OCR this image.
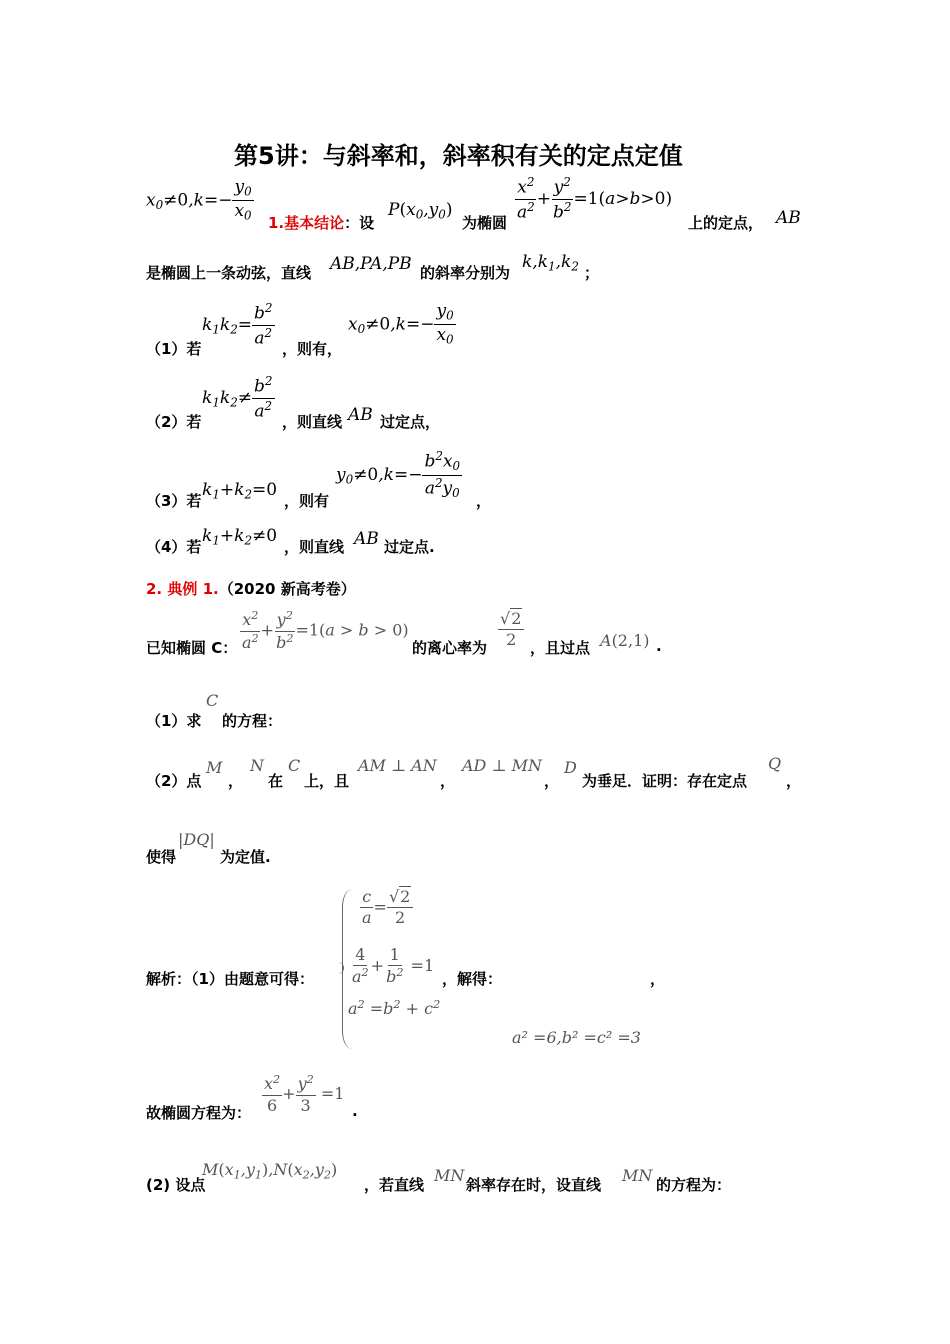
第5讲：与斜率和，斜率积有关的定点定值
$x_0\ne 0,k=- \frac{y_0}{x_0} 1$.基本结论：设
$P(x_0,y_0)$
为椭圆 $\frac{x^2}{a^2} + \frac{y^2}{b^2} =1(a>b>0)$
上的定点， AB
是椭圆上一条动弦，直线 AB,PA,PB 的斜率分别为
$k,k_1,k_2$ ；
（1）若
$k_1k_2= \frac{b^2}{a^2}$ ，则有，
$x_0\ne 0,k=- \frac{y_0}{x_0}$
（2）若
$k_1k_2\ne \frac{b^2}{a^2}$ ，则直线 AB 过定点，
（3）若
$k_1+k_2=0$
，则有
$y_0\ne 0,k=- \frac{b^2x_0}{a^2y_0}$
，
（4）若
$k_1+k_2\ne 0$
，则直线 AB 过定点.
2. 典例 1.（2020 新高考卷）
已知椭圆 C： $\frac{x^2}{a^2} + \frac{y^2}{b^2} =1(a > b > 0)$
的离心率为 $\frac{√2}{2}$ ，且过点 A(2,1) .
（1）求
C
的方程：
（2）点
M
，
N
在
C
上，且
AM ⊥ AN
，
AD ⊥ MN
，
D
为垂足．证明：存在定点
Q
，
使得
|DQ|
为定值.
解析：（1）由题意可得：
$\frac{c}{a} = \frac{√2}{2}$
$\frac{4}{a^2} + \frac{1}{b^2} =1$
$a^2 =b^2 + c^2$
，解得：	，
a² =6,b² =c² =3
故椭圆方程为： $\frac{x^2}{6} + \frac{y^2}{3} =1$
.
(2) 设点
$M(x_1,y_1),N(x_2,y_2)$
，若直线 MN 斜率存在时，设直线 MN 的方程为：
